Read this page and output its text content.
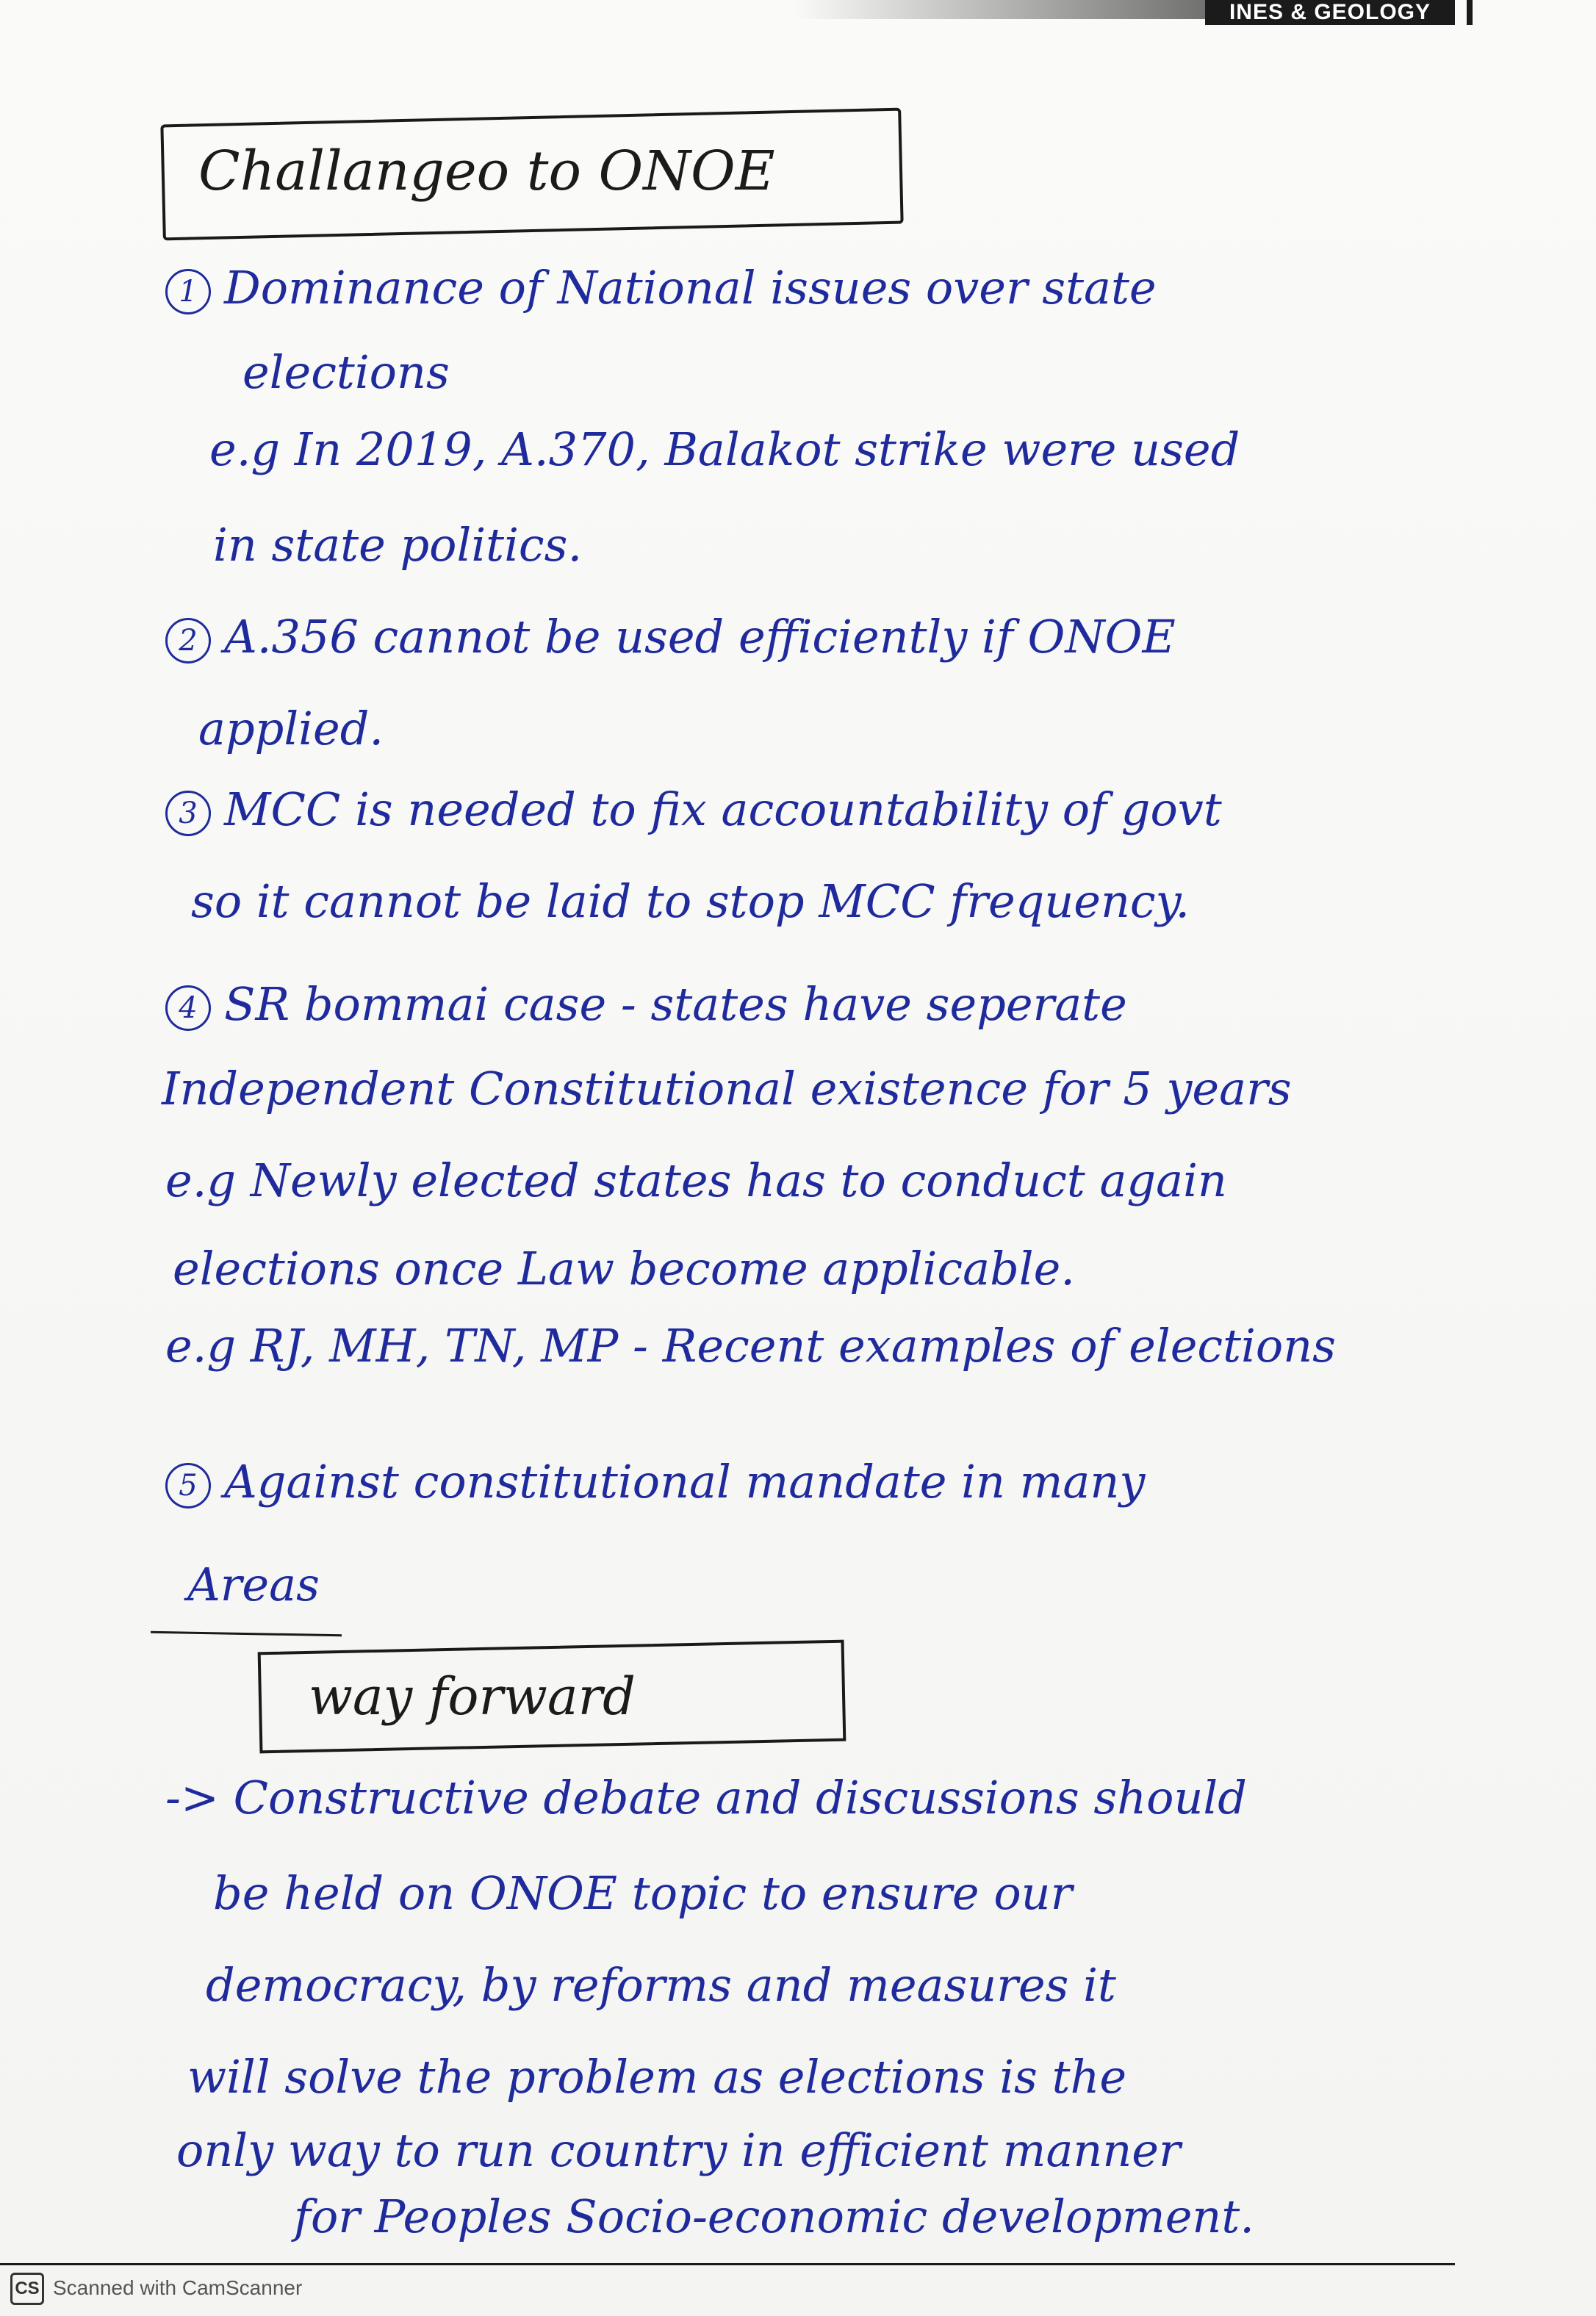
INES & GEOLOGY
Challangeo to ONOE
1 Dominance of National issues over state
elections
e.g In 2019, A.370, Balakot strike were used
in state politics.
2 A.356 cannot be used efficiently if ONOE
applied.
3 MCC is needed to fix accountability of govt
so it cannot be laid to stop MCC frequency.
4 SR bommai case - states have seperate
Independent Constitutional existence for 5 years
e.g Newly elected states has to conduct again
elections once Law become applicable.
e.g RJ, MH, TN, MP - Recent examples of elections
5 Against constitutional mandate in many
Areas
way forward
-> Constructive debate and discussions should
be held on ONOE topic to ensure our
democracy, by reforms and measures it
will solve the problem as elections is the
only way to run country in efficient manner
for Peoples Socio-economic development.
CS Scanned with CamScanner
